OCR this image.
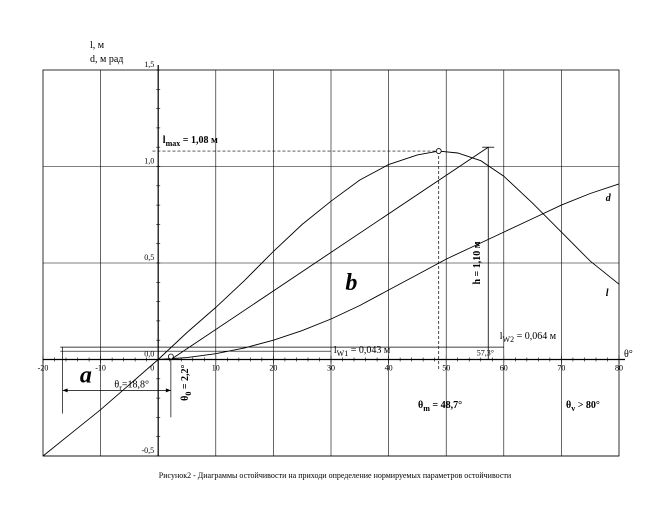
-20	-10	0	10	20	30	40	50	60	70	80
1,5
1,0
0,5
0,0
-0,5
a
b
$l_{max} = 1,08$ м
$l_{W1} = 0,043$ м
$l_{W2} = 0,064$ м
h = 1,10 м
$\theta_r=18,8^\circ$
$\theta_0 = 2,2^\circ$
$\theta_m = 48,7^\circ$	$\theta_v > 80^\circ$
57,3°
d
l
l, м
d, м рад
θ°
Рисунок2 - Диаграммы остойчивости на приходи определение нормируемых параметров остойчивости
